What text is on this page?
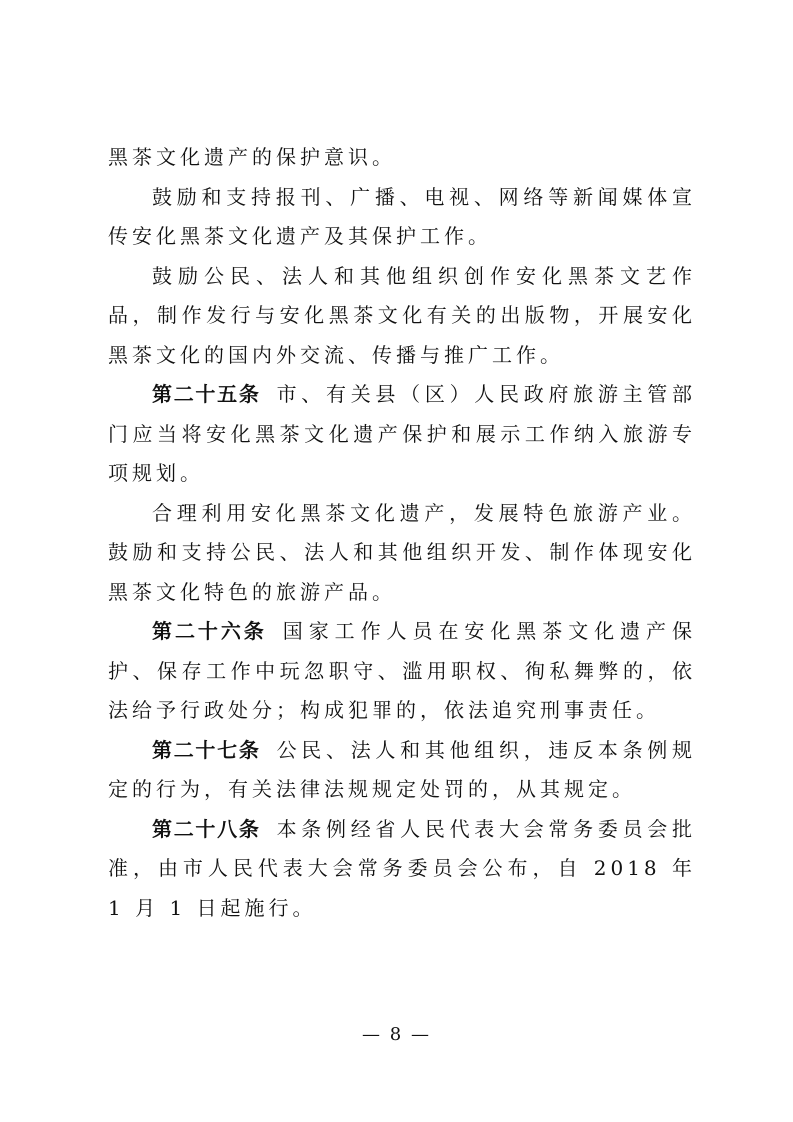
黑茶文化遗产的保护意识。

鼓励和支持报刊、广播、电视、网络等新闻媒体宣传安化黑茶文化遗产及其保护工作。

鼓励公民、法人和其他组织创作安化黑茶文艺作品，制作发行与安化黑茶文化有关的出版物，开展安化黑茶文化的国内外交流、传播与推广工作。

第二十五条 市、有关县（区）人民政府旅游主管部门应当将安化黑茶文化遗产保护和展示工作纳入旅游专项规划。

合理利用安化黑茶文化遗产，发展特色旅游产业。鼓励和支持公民、法人和其他组织开发、制作体现安化黑茶文化特色的旅游产品。

第二十六条 国家工作人员在安化黑茶文化遗产保护、保存工作中玩忽职守、滥用职权、徇私舞弊的，依法给予行政处分；构成犯罪的，依法追究刑事责任。

第二十七条 公民、法人和其他组织，违反本条例规定的行为，有关法律法规规定处罚的，从其规定。

第二十八条 本条例经省人民代表大会常务委员会批准，由市人民代表大会常务委员会公布，自 2018 年 1 月 1 日起施行。

— 8 —
